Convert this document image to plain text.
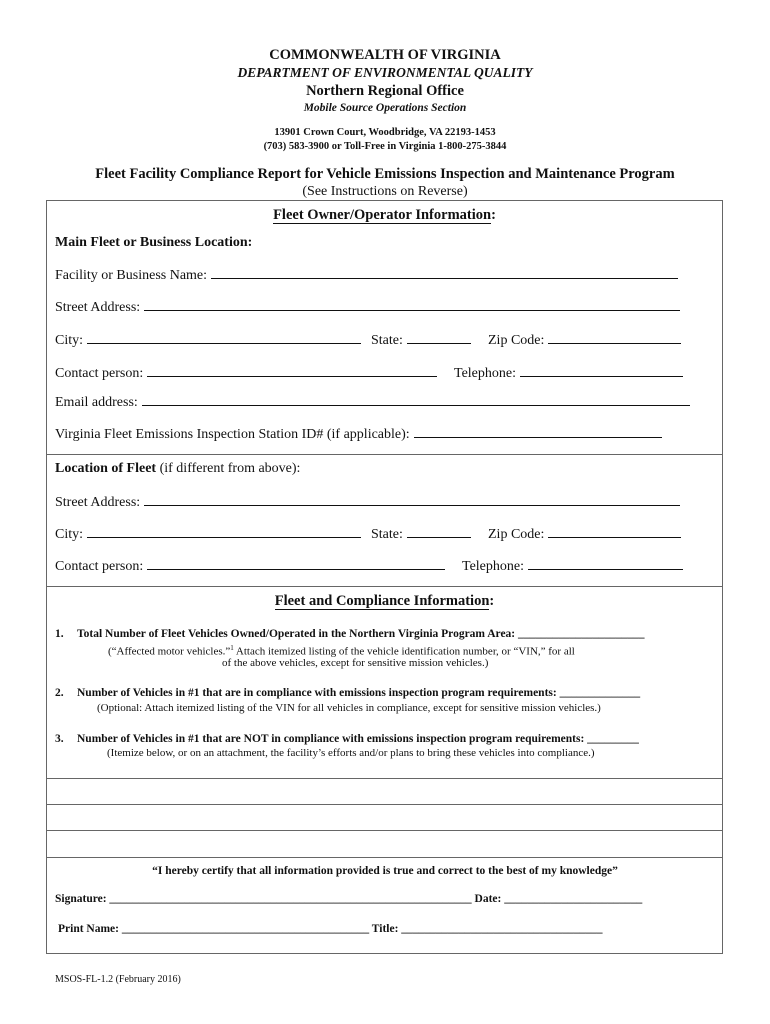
COMMONWEALTH OF VIRGINIA
DEPARTMENT OF ENVIRONMENTAL QUALITY
Northern Regional Office
Mobile Source Operations Section
13901 Crown Court, Woodbridge, VA 22193-1453
(703) 583-3900 or Toll-Free in Virginia 1-800-275-3844
Fleet Facility Compliance Report for Vehicle Emissions Inspection and Maintenance Program
(See Instructions on Reverse)
Fleet Owner/Operator Information:
Main Fleet or Business Location:
Facility or Business Name:
Street Address:
City:	State:	Zip Code:
Contact person:	Telephone:
Email address:
Virginia Fleet Emissions Inspection Station ID# (if applicable):
Location of Fleet (if different from above):
Street Address:
City:	State:	Zip Code:
Contact person:	Telephone:
Fleet and Compliance Information:
1. Total Number of Fleet Vehicles Owned/Operated in the Northern Virginia Program Area: ______________________
(“Affected motor vehicles.”$^1$ Attach itemized listing of the vehicle identification number, or “VIN,” for all
of the above vehicles, except for sensitive mission vehicles.)
2. Number of Vehicles in #1 that are in compliance with emissions inspection program requirements: ______________
(Optional: Attach itemized listing of the VIN for all vehicles in compliance, except for sensitive mission vehicles.)
3. Number of Vehicles in #1 that are NOT in compliance with emissions inspection program requirements: _________
(Itemize below, or on an attachment, the facility’s efforts and/or plans to bring these vehicles into compliance.)
“I hereby certify that all information provided is true and correct to the best of my knowledge”
Signature: _______________________________________________________________ Date: ________________________
Print Name: ___________________________________________ Title: ___________________________________
MSOS-FL-1.2 (February 2016)
